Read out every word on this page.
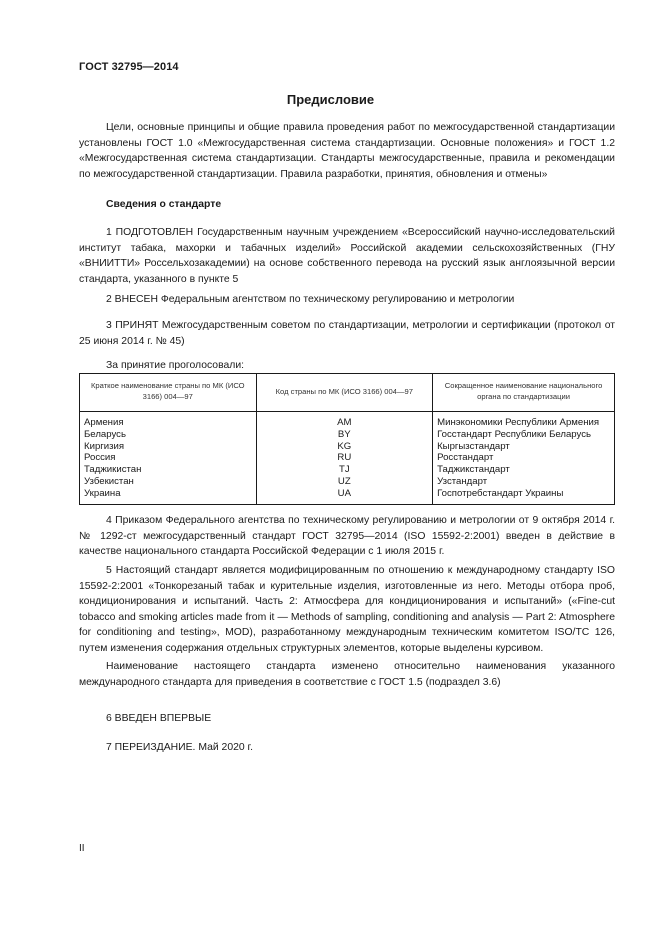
ГОСТ 32795—2014
Предисловие

Цели, основные принципы и общие правила проведения работ по межгосударственной стандартизации установлены ГОСТ 1.0 «Межгосударственная система стандартизации. Основные положения» и ГОСТ 1.2 «Межгосударственная система стандартизации. Стандарты межгосударственные, правила и рекомендации по межгосударственной стандартизации. Правила разработки, принятия, обновления и отмены»

Сведения о стандарте

1 ПОДГОТОВЛЕН Государственным научным учреждением «Всероссийский научно-исследовательский институт табака, махорки и табачных изделий» Российской академии сельскохозяйственных (ГНУ «ВНИИТТИ» Россельхозакадемии) на основе собственного перевода на русский язык англоязычной версии стандарта, указанного в пункте 5

2 ВНЕСЕН Федеральным агентством по техническому регулированию и метрологии

3 ПРИНЯТ Межгосударственным советом по стандартизации, метрологии и сертификации (протокол от 25 июня 2014 г. № 45)

За принятие проголосовали:
Краткое наименование страны по МК (ИСО 3166) 004—97	Код страны по МК (ИСО 3166) 004—97	Сокращенное наименование национального органа по стандартизации
Армения	AM	Минэкономики Республики Армения
Беларусь	BY	Госстандарт Республики Беларусь
Киргизия	KG	Кыргызстандарт
Россия	RU	Росстандарт
Таджикистан	TJ	Таджикстандарт
Узбекистан	UZ	Узстандарт
Украина	UA	Госпотребстандарт Украины

4 Приказом Федерального агентства по техническому регулированию и метрологии от 9 октября 2014 г. № 1292-ст межгосударственный стандарт ГОСТ 32795—2014 (ISO 15592-2:2001) введен в действие в качестве национального стандарта Российской Федерации с 1 июля 2015 г.

5 Настоящий стандарт является модифицированным по отношению к международному стандарту ISO 15592-2:2001 «Тонкорезаный табак и курительные изделия, изготовленные из него. Методы отбора проб, кондиционирования и испытаний. Часть 2: Атмосфера для кондиционирования и испытаний» («Fine-cut tobacco and smoking articles made from it — Methods of sampling, conditioning and analysis — Part 2: Atmosphere for conditioning and testing», MOD), разработанному международным техническим комитетом ISO/TC 126, путем изменения содержания отдельных структурных элементов, которые выделены курсивом.

Наименование настоящего стандарта изменено относительно наименования указанного международного стандарта для приведения в соответствие с ГОСТ 1.5 (подраздел 3.6)

6 ВВЕДЕН ВПЕРВЫЕ
7 ПЕРЕИЗДАНИЕ. Май 2020 г.
II
